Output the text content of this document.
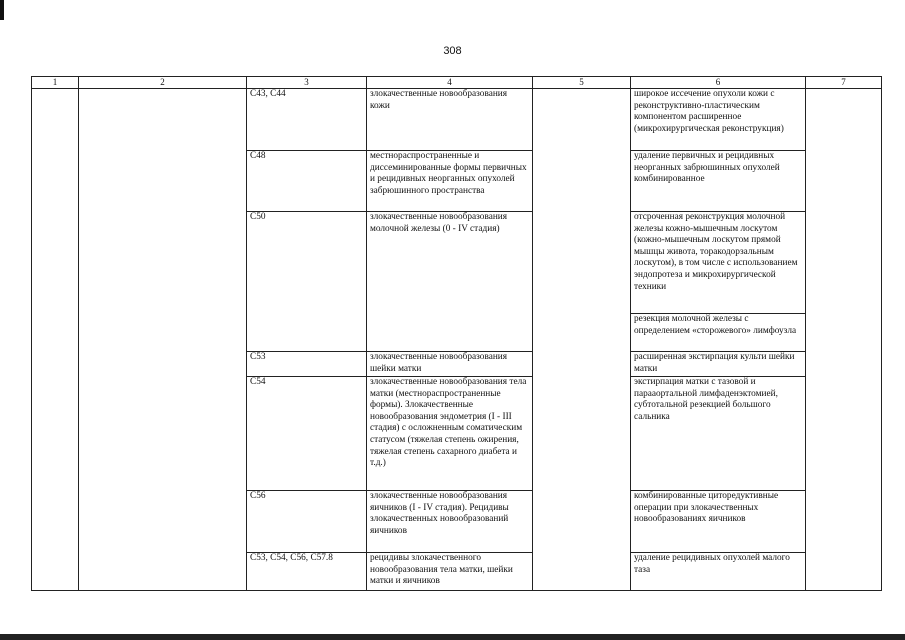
308
1	2	3	4	5	6	7
		C43, C44	злокачественные новообразования кожи		широкое иссечение опухоли кожи с реконструктивно-пластическим компонентом расширенное (микрохирургическая реконструкция)	
		C48	местнораспространенные и диссеминированные формы первичных и рецидивных неорганных опухолей забрюшинного пространства		удаление первичных и рецидивных неорганных забрюшинных опухолей комбинированное	
		C50	злокачественные новообразования молочной железы (0 - IV стадия)		отсроченная реконструкция молочной железы кожно-мышечным лоскутом (кожно-мышечным лоскутом прямой мышцы живота, торакодорзальным лоскутом), в том числе с использованием эндопротеза и микрохирургической техники	
					резекция молочной железы с определением «сторожевого» лимфоузла	
		C53	злокачественные новообразования шейки матки		расширенная экстирпация культи шейки матки	
		C54	злокачественные новообразования тела матки (местнораспространенные формы). Злокачественные новообразования эндометрия (I - III стадия) с осложненным соматическим статусом (тяжелая степень ожирения, тяжелая степень сахарного диабета и т.д.)		экстирпация матки с тазовой и парааортальной лимфаденэктомией, субтотальной резекцией большого сальника	
		C56	злокачественные новообразования яичников (I - IV стадия). Рецидивы злокачественных новообразований яичников		комбинированные циторедуктивные операции при злокачественных новообразованиях яичников	
		C53, C54, C56, C57.8	рецидивы злокачественного новообразования тела матки, шейки матки и яичников		удаление рецидивных опухолей малого таза	
